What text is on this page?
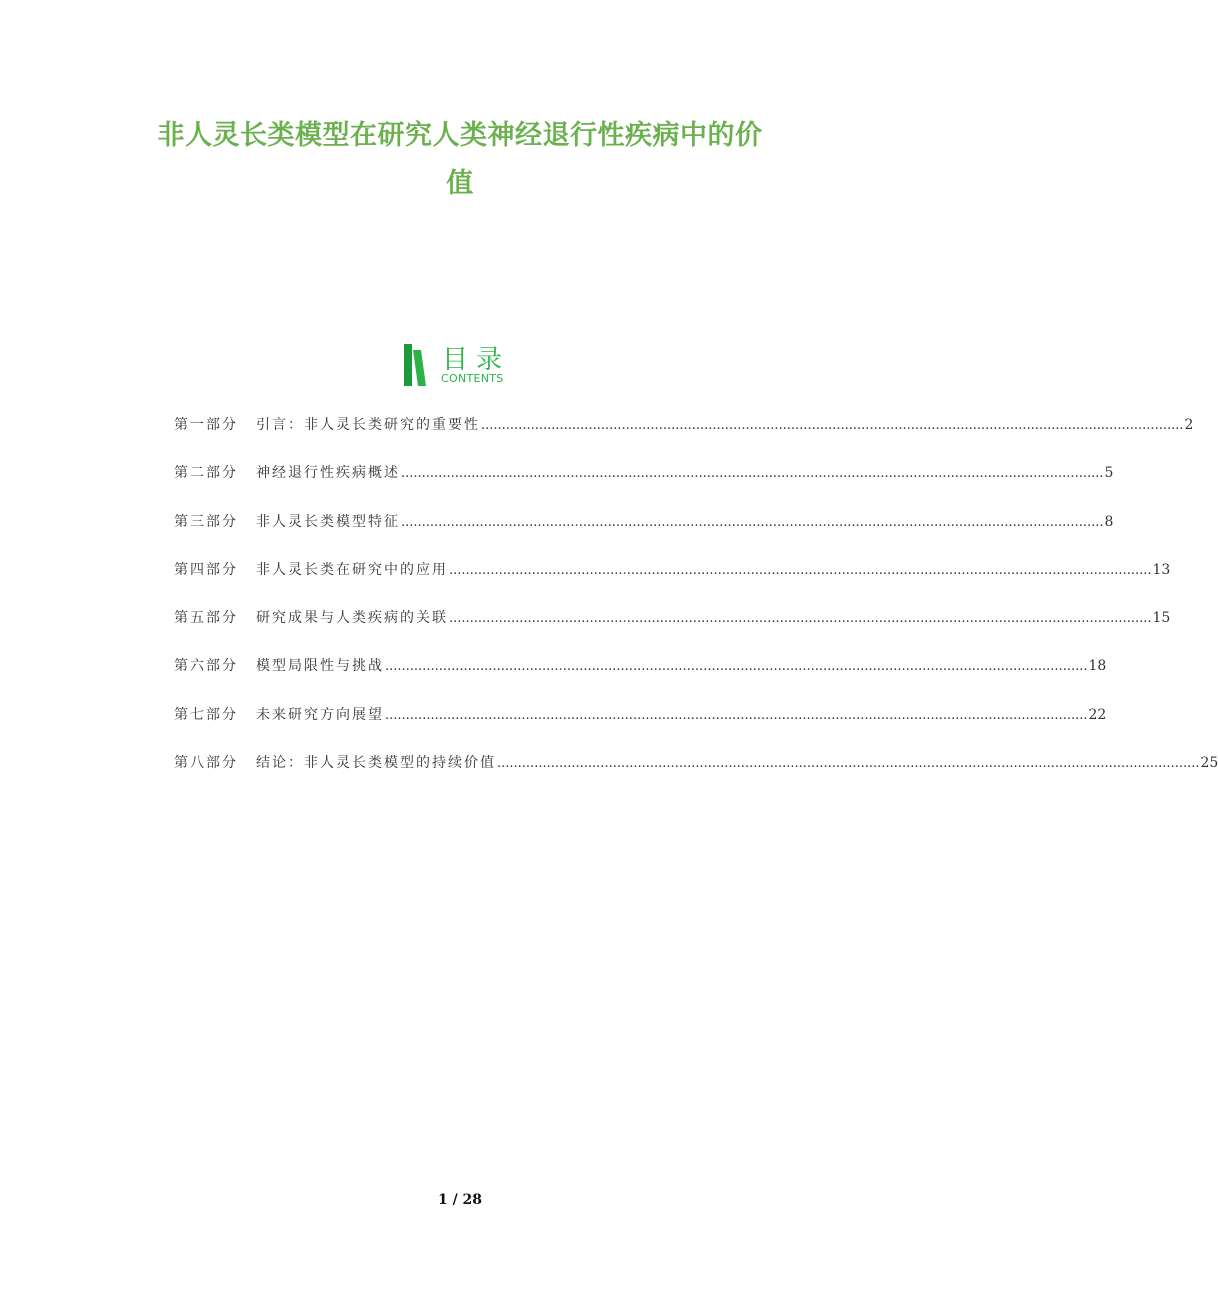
非人灵长类模型在研究人类神经退行性疾病中的价
值
目录
CONTENTS
第一部分	引言：非人灵长类研究的重要性 .......................................................................................................................................................................... 2
第二部分	神经退行性疾病概述 .......................................................................................................................................................................... 5
第三部分	非人灵长类模型特征 .......................................................................................................................................................................... 8
第四部分	非人灵长类在研究中的应用 .......................................................................................................................................................................... 13
第五部分	研究成果与人类疾病的关联 .......................................................................................................................................................................... 15
第六部分	模型局限性与挑战 .......................................................................................................................................................................... 18
第七部分	未来研究方向展望 .......................................................................................................................................................................... 22
第八部分	结论：非人灵长类模型的持续价值 .......................................................................................................................................................................... 25
1 / 28
